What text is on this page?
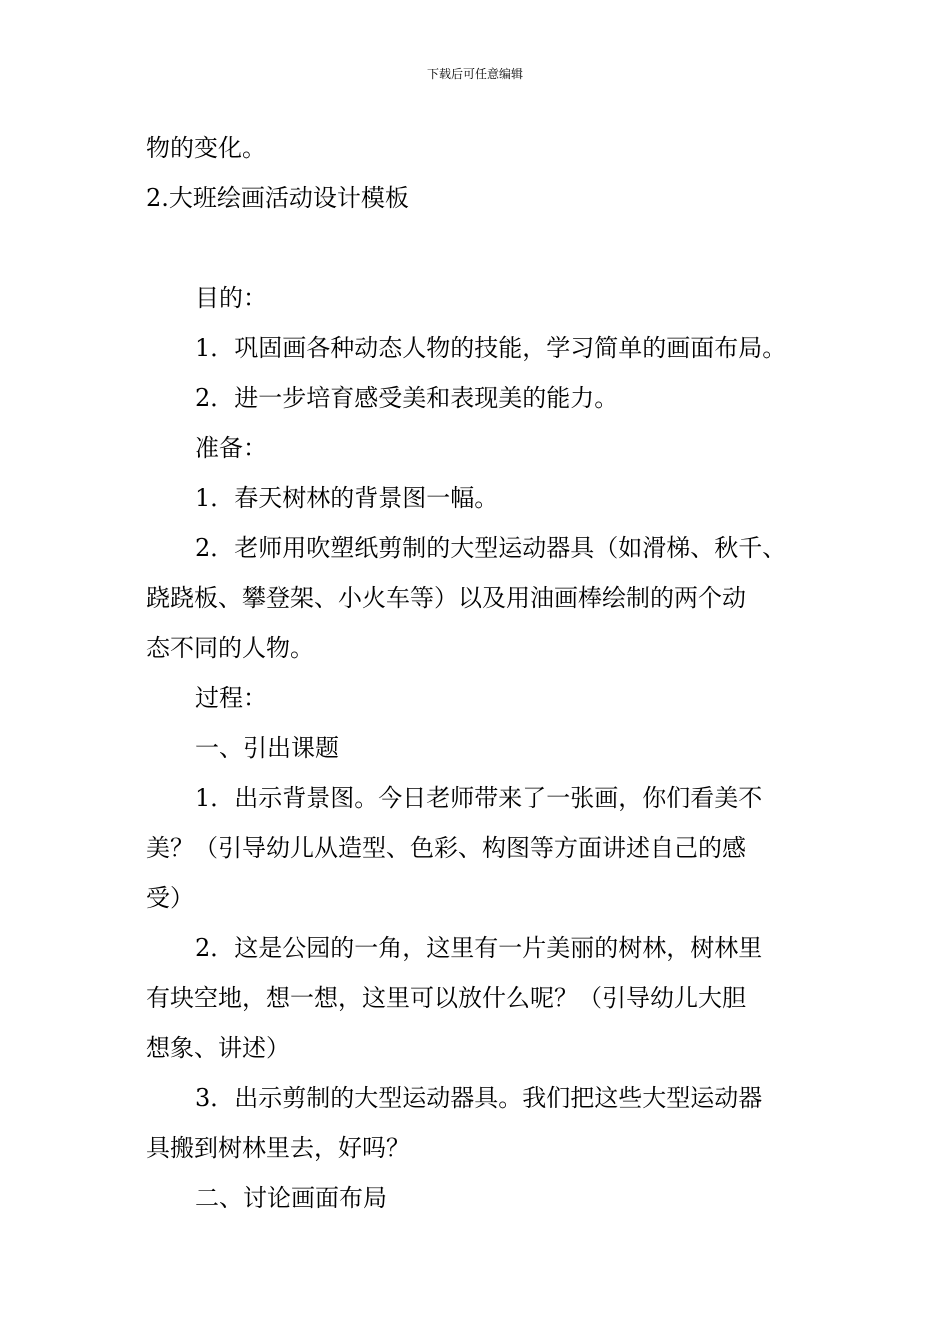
下载后可任意编辑
物的变化。
2.大班绘画活动设计模板
目的：
1．巩固画各种动态人物的技能，学习简单的画面布局。
2．进一步培育感受美和表现美的能力。
准备：
1．春天树林的背景图一幅。
2．老师用吹塑纸剪制的大型运动器具（如滑梯、秋千、
跷跷板、攀登架、小火车等）以及用油画棒绘制的两个动
态不同的人物。
过程：
一、引出课题
1．出示背景图。今日老师带来了一张画，你们看美不
美？（引导幼儿从造型、色彩、构图等方面讲述自己的感
受）
2．这是公园的一角，这里有一片美丽的树林，树林里
有块空地，想一想，这里可以放什么呢？（引导幼儿大胆
想象、讲述）
3．出示剪制的大型运动器具。我们把这些大型运动器
具搬到树林里去，好吗？
二、讨论画面布局
